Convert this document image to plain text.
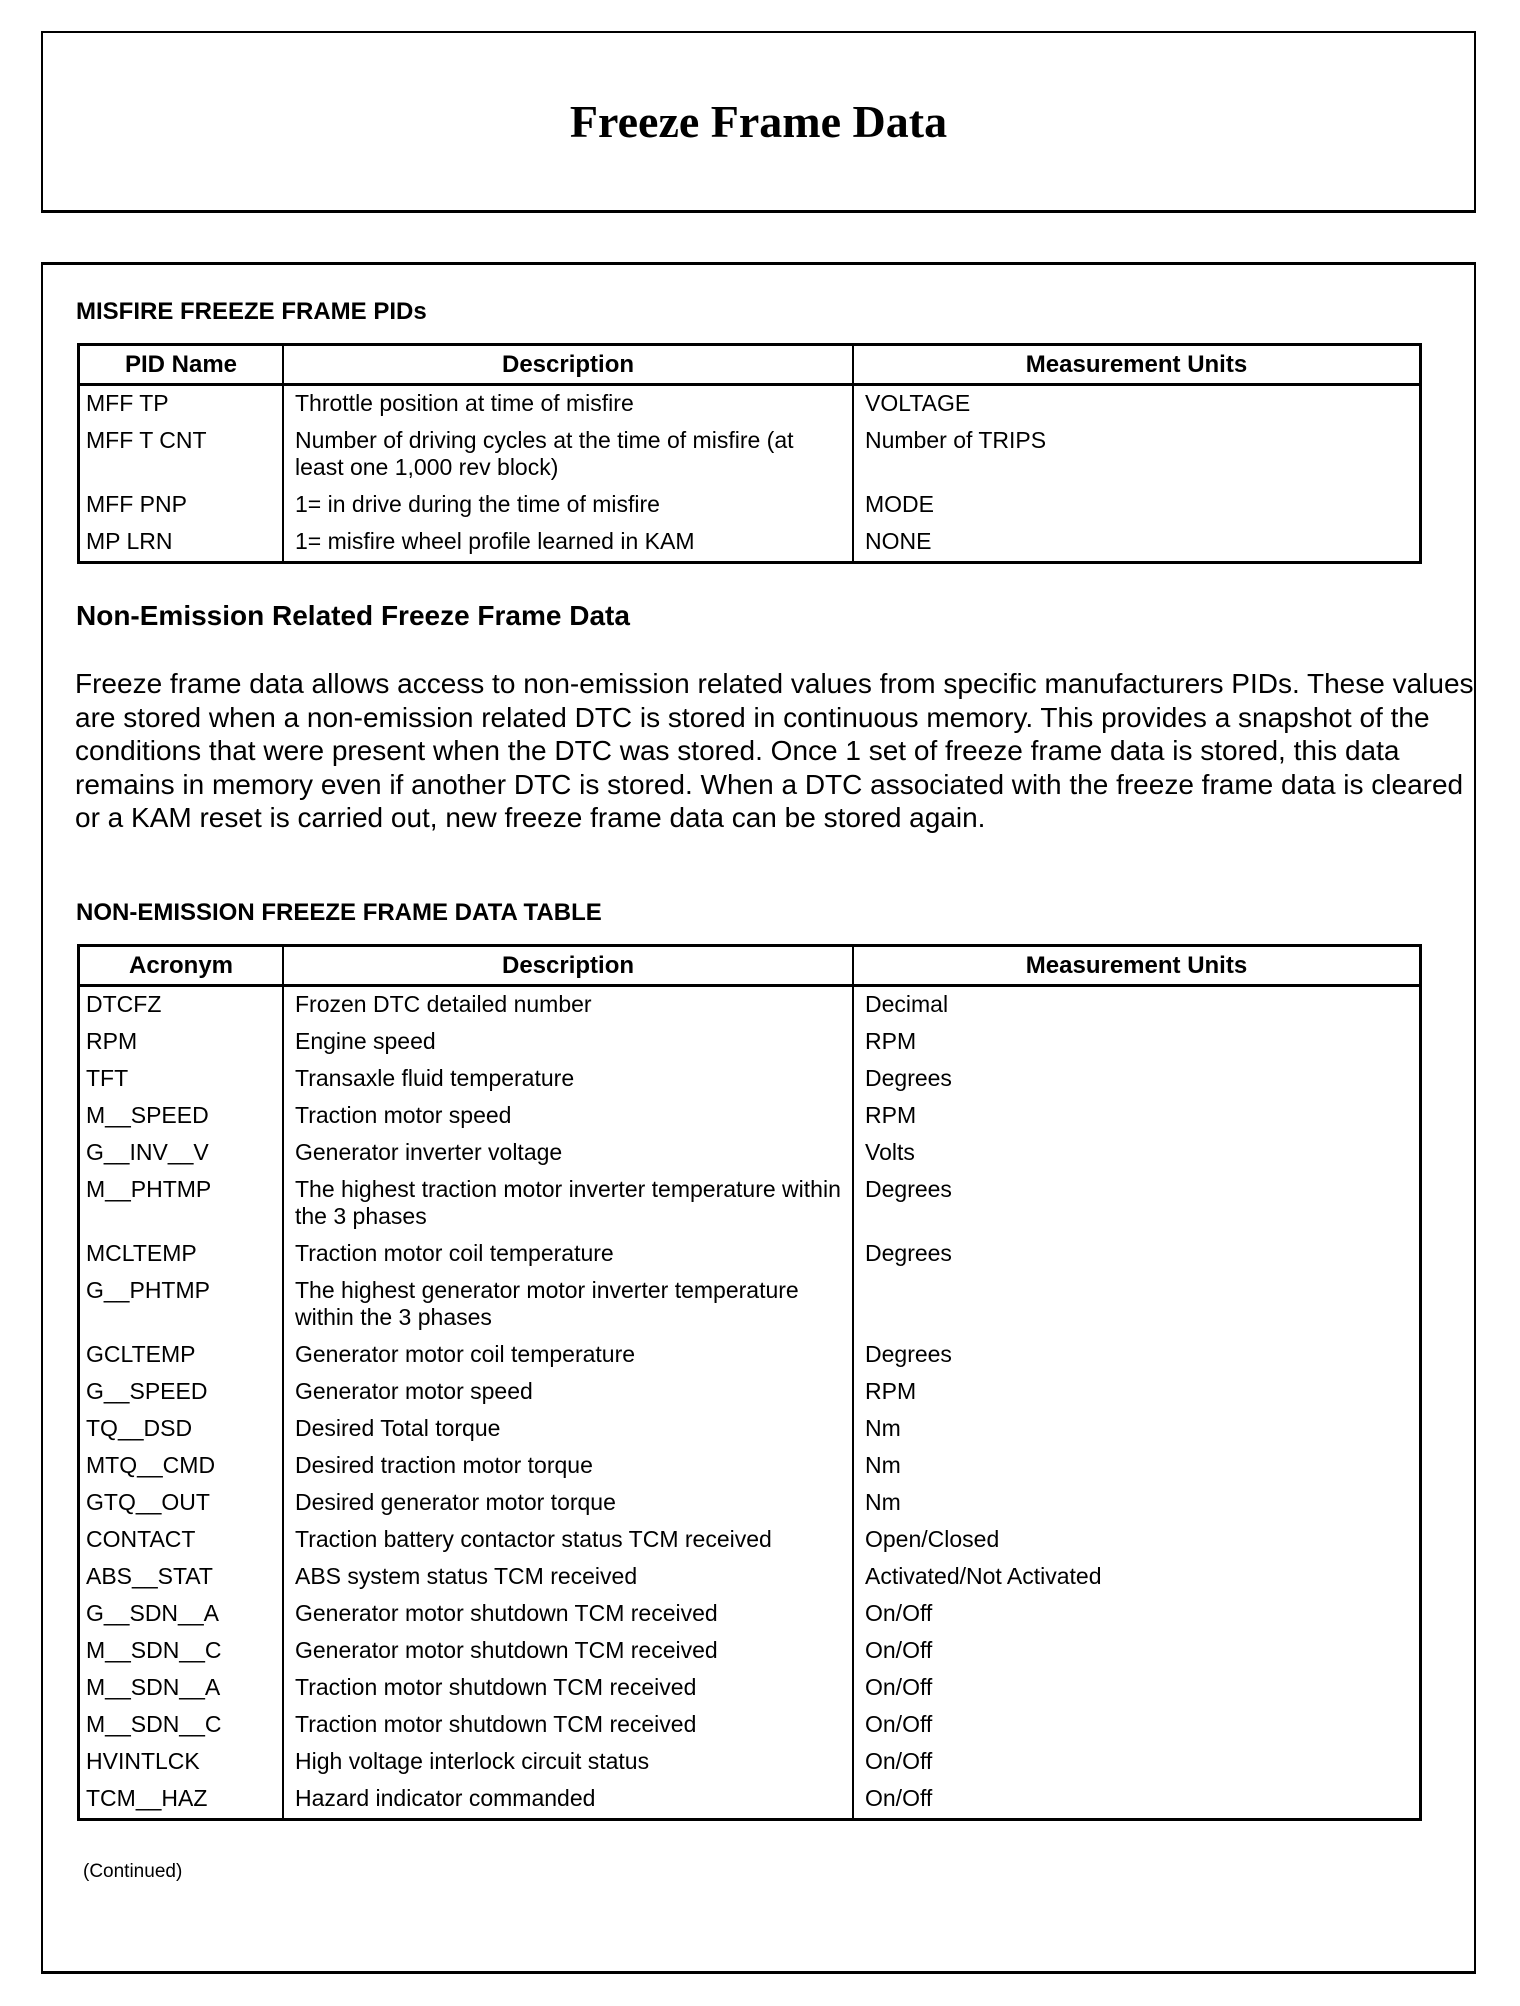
Freeze Frame Data
MISFIRE FREEZE FRAME PIDs
PID Name	Description	Measurement Units
MFF TP	Throttle position at time of misfire	VOLTAGE
MFF T CNT	Number of driving cycles at the time of misfire (at least one 1,000 rev block)	Number of TRIPS
MFF PNP	1= in drive during the time of misfire	MODE
MP LRN	1= misfire wheel profile learned in KAM	NONE
Non-Emission Related Freeze Frame Data
Freeze frame data allows access to non-emission related values from specific manufacturers PIDs. These values are stored when a non-emission related DTC is stored in continuous memory. This provides a snapshot of the conditions that were present when the DTC was stored. Once 1 set of freeze frame data is stored, this data remains in memory even if another DTC is stored. When a DTC associated with the freeze frame data is cleared or a KAM reset is carried out, new freeze frame data can be stored again.
NON-EMISSION FREEZE FRAME DATA TABLE
Acronym	Description	Measurement Units
DTCFZ	Frozen DTC detailed number	Decimal
RPM	Engine speed	RPM
TFT	Transaxle fluid temperature	Degrees
M__SPEED	Traction motor speed	RPM
G__INV__V	Generator inverter voltage	Volts
M__PHTMP	The highest traction motor inverter temperature within the 3 phases	Degrees
MCLTEMP	Traction motor coil temperature	Degrees
G__PHTMP	The highest generator motor inverter temperature within the 3 phases	
GCLTEMP	Generator motor coil temperature	Degrees
G__SPEED	Generator motor speed	RPM
TQ__DSD	Desired Total torque	Nm
MTQ__CMD	Desired traction motor torque	Nm
GTQ__OUT	Desired generator motor torque	Nm
CONTACT	Traction battery contactor status TCM received	Open/Closed
ABS__STAT	ABS system status TCM received	Activated/Not Activated
G__SDN__A	Generator motor shutdown TCM received	On/Off
M__SDN__C	Generator motor shutdown TCM received	On/Off
M__SDN__A	Traction motor shutdown TCM received	On/Off
M__SDN__C	Traction motor shutdown TCM received	On/Off
HVINTLCK	High voltage interlock circuit status	On/Off
TCM__HAZ	Hazard indicator commanded	On/Off
(Continued)
